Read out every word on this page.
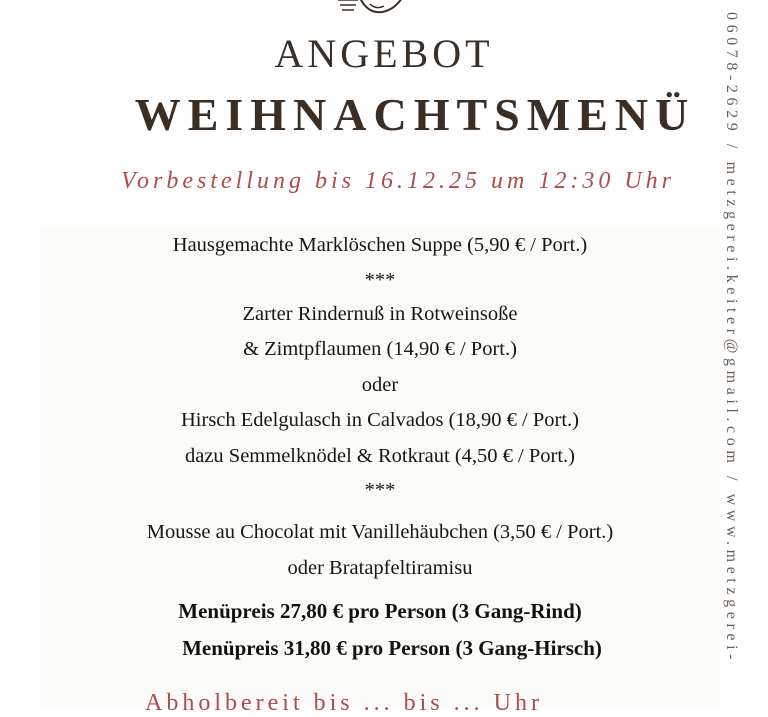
ANGEBOT
WEIHNACHTSMENÜ
Vorbestellung bis 16.12.25 um 12:30 Uhr
Hausgemachte Marklöschen Suppe (5,90 € / Port.)
***
Zarter Rindernuß in Rotweinsoße
& Zimtpflaumen (14,90 € / Port.)
oder
Hirsch Edelgulasch in Calvados (18,90 € / Port.)
dazu Semmelknödel & Rotkraut (4,50 € / Port.)
***
Mousse au Chocolat mit Vanillehäubchen (3,50 € / Port.)
oder Bratapfeltiramisu
Menüpreis 27,80 € pro Person (3 Gang-Rind)
Menüpreis 31,80 € pro Person (3 Gang-Hirsch)
Abholbereit bis ... bis ... Uhr
06078-2629 / metzgerei.keiter@gmail.com / www.metzgerei-
